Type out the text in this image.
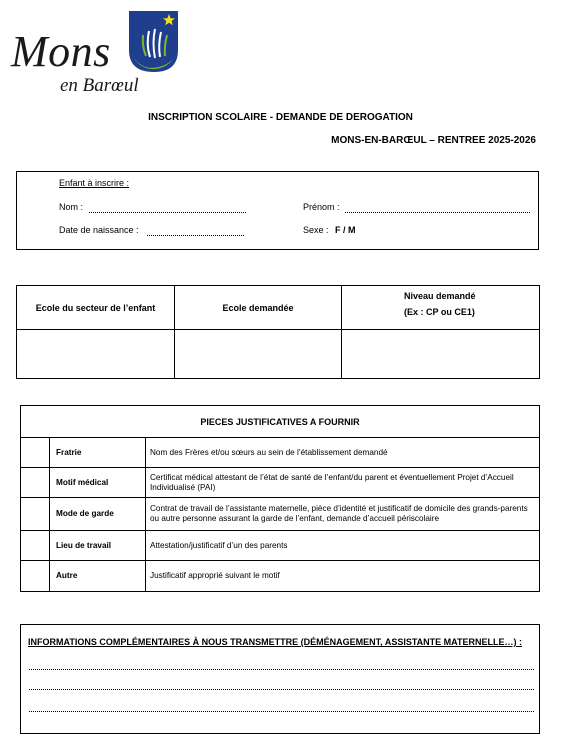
Mons
en Barœul
INSCRIPTION SCOLAIRE - DEMANDE DE DEROGATION
MONS-EN-BARŒUL – RENTREE 2025-2026
Enfant à inscrire :
Nom :	Prénom :
Date de naissance :	Sexe : F / M
Ecole du secteur de l’enfant	Ecole demandée	Niveau demandé
(Ex : CP ou CE1)

PIECES JUSTIFICATIVES A FOURNIR		
	Fratrie	Nom des Frères et/ou sœurs au sein de l’établissement demandé
	Motif médical	Certificat médical attestant de l’état de santé de l’enfant/du parent et éventuellement Projet d’Accueil Individualisé (PAI)
	Mode de garde	Contrat de travail de l’assistante maternelle, pièce d’identité et justificatif de domicile des grands-parents ou autre personne assurant la garde de l’enfant, demande d’accueil périscolaire
	Lieu de travail	Attestation/justificatif d’un des parents
	Autre	Justificatif approprié suivant le motif
INFORMATIONS COMPLÉMENTAIRES À NOUS TRANSMETTRE (DÉMÉNAGEMENT, ASSISTANTE MATERNELLE…) :
